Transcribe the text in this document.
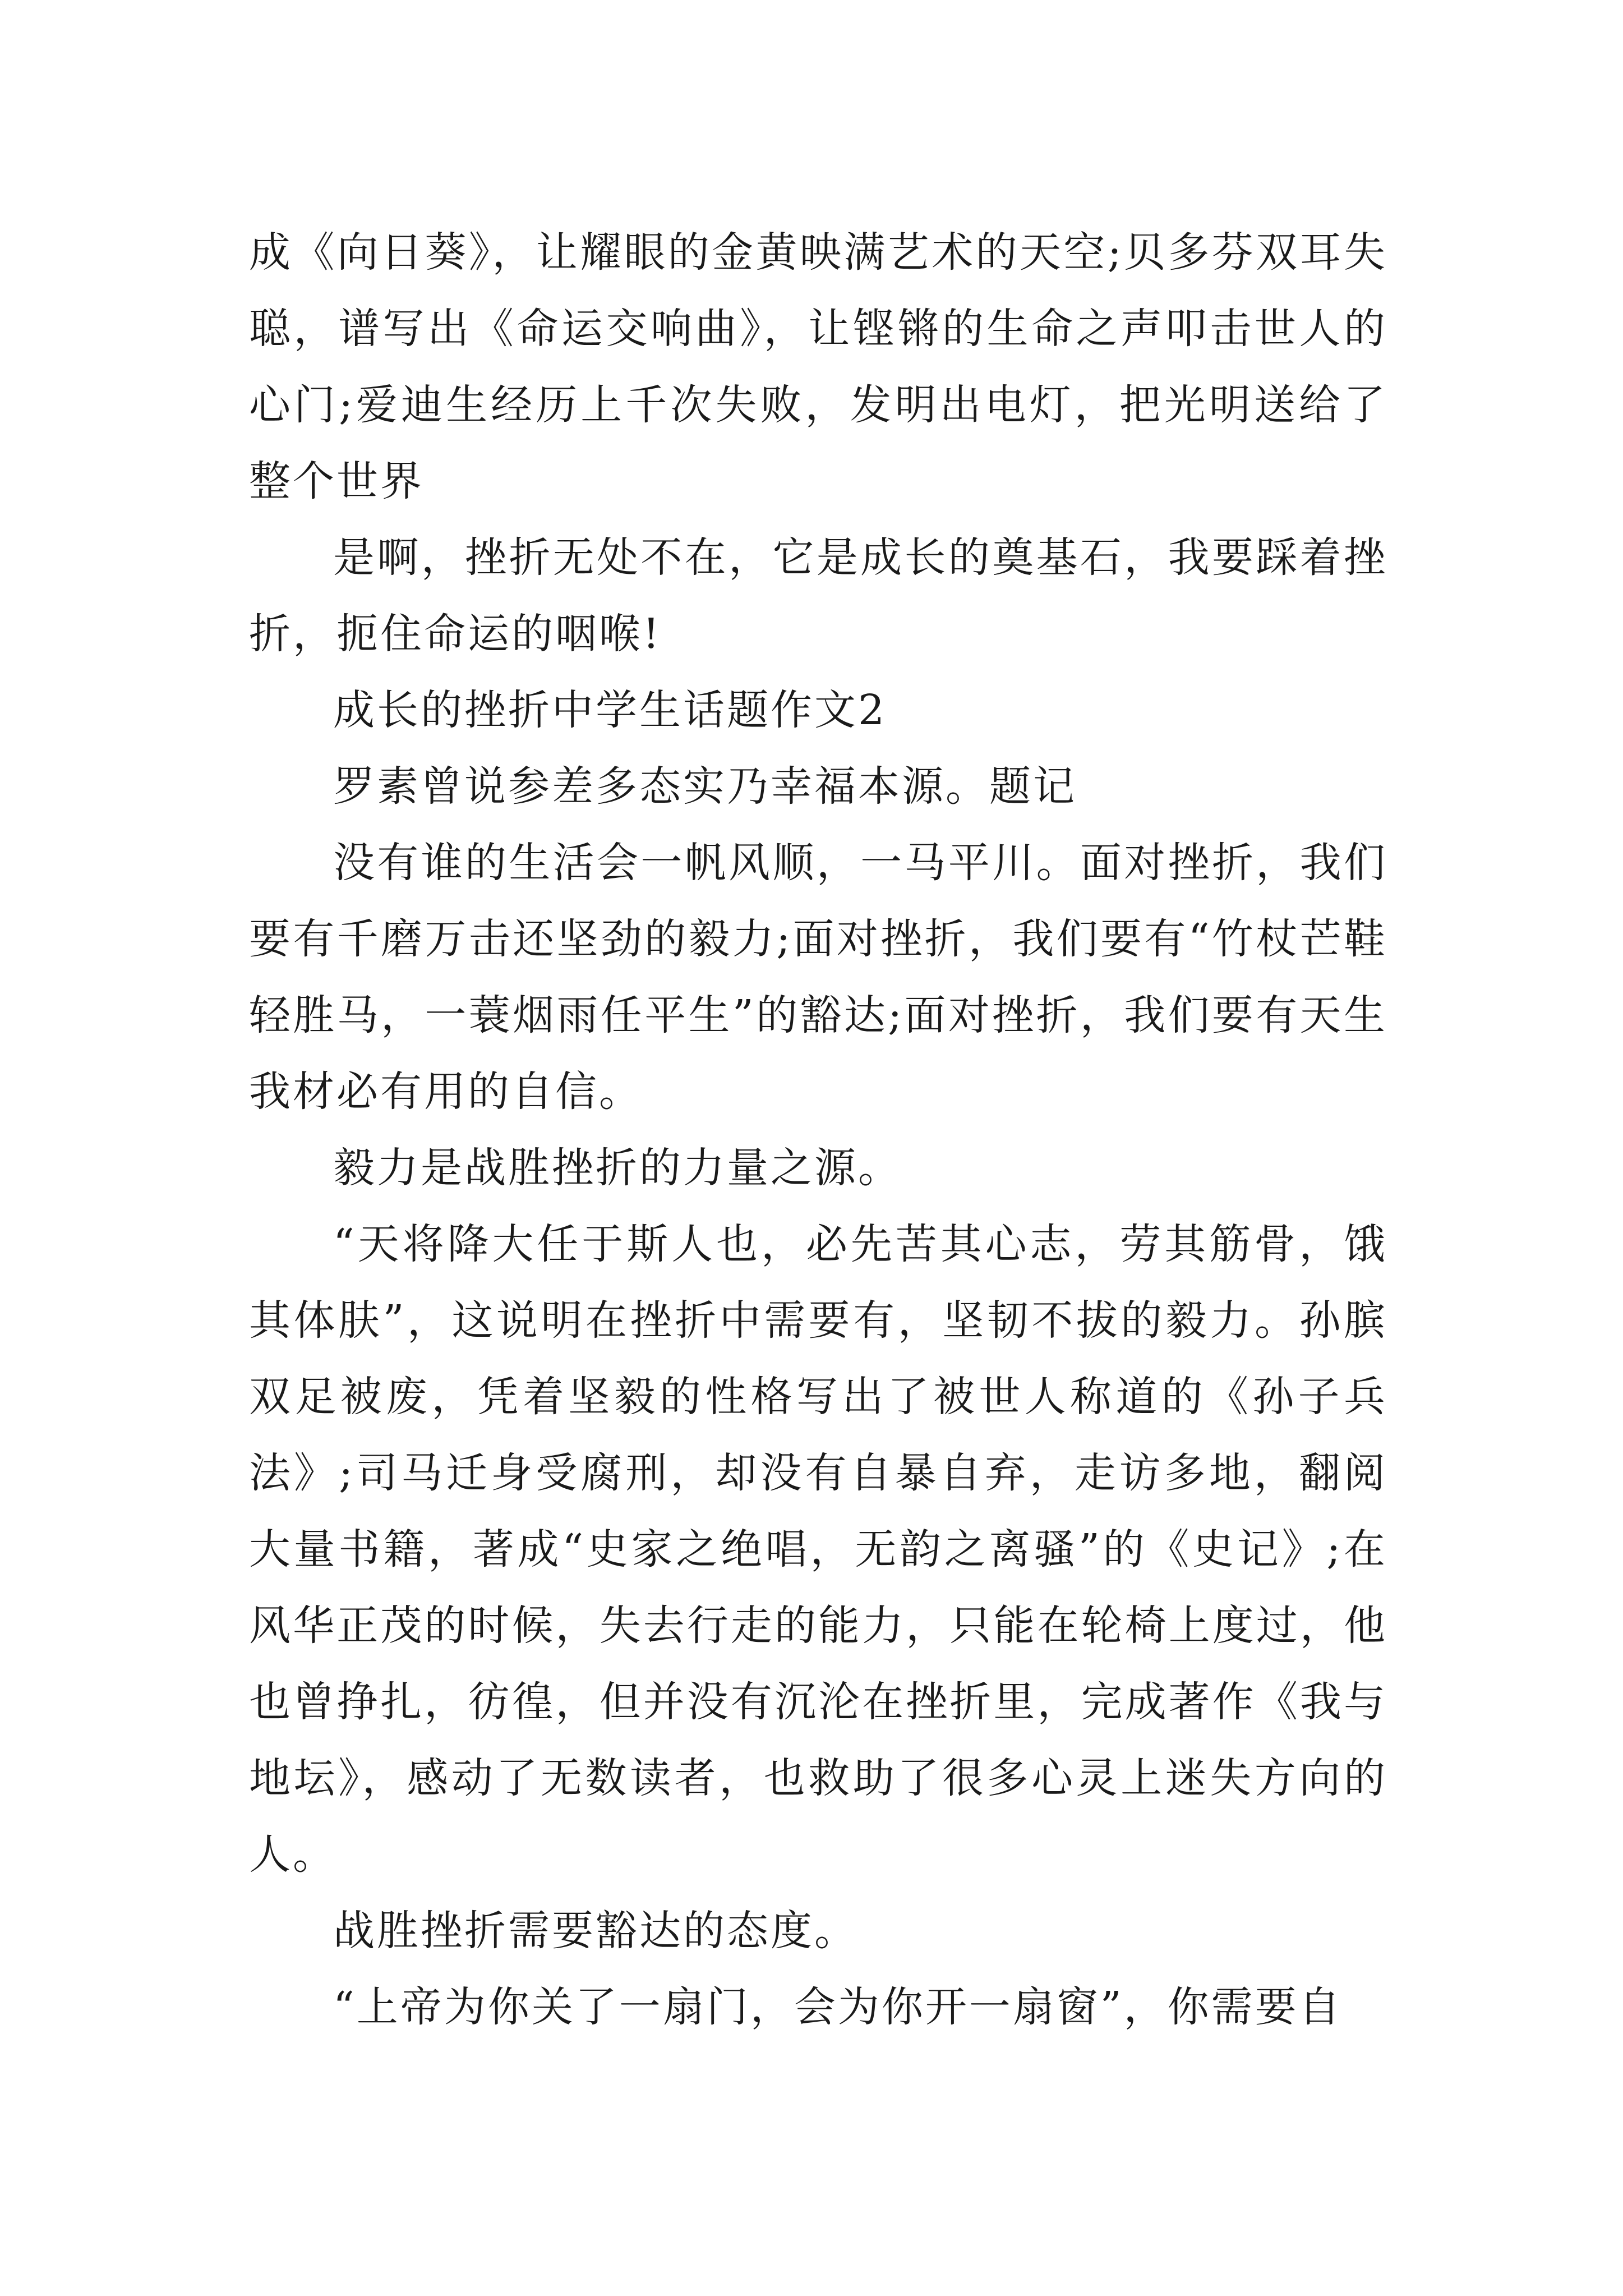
成《向日葵》，让耀眼的金黄映满艺术的天空;贝多芬双耳失聪，谱写出《命运交响曲》，让铿锵的生命之声叩击世人的心门;爱迪生经历上千次失败，发明出电灯，把光明送给了整个世界

是啊，挫折无处不在，它是成长的奠基石，我要踩着挫折，扼住命运的咽喉!

成长的挫折中学生话题作文2

罗素曾说参差多态实乃幸福本源。题记

没有谁的生活会一帆风顺，一马平川。面对挫折，我们要有千磨万击还坚劲的毅力;面对挫折，我们要有“竹杖芒鞋轻胜马，一蓑烟雨任平生”的豁达;面对挫折，我们要有天生我材必有用的自信。

毅力是战胜挫折的力量之源。

“天将降大任于斯人也，必先苦其心志，劳其筋骨，饿其体肤”，这说明在挫折中需要有，坚韧不拔的毅力。孙膑双足被废，凭着坚毅的性格写出了被世人称道的《孙子兵法》;司马迁身受腐刑，却没有自暴自弃，走访多地，翻阅大量书籍，著成“史家之绝唱，无韵之离骚”的《史记》;在风华正茂的时候，失去行走的能力，只能在轮椅上度过，他也曾挣扎，彷徨，但并没有沉沦在挫折里，完成著作《我与地坛》，感动了无数读者，也救助了很多心灵上迷失方向的人。

战胜挫折需要豁达的态度。

“上帝为你关了一扇门，会为你开一扇窗”，你需要自
